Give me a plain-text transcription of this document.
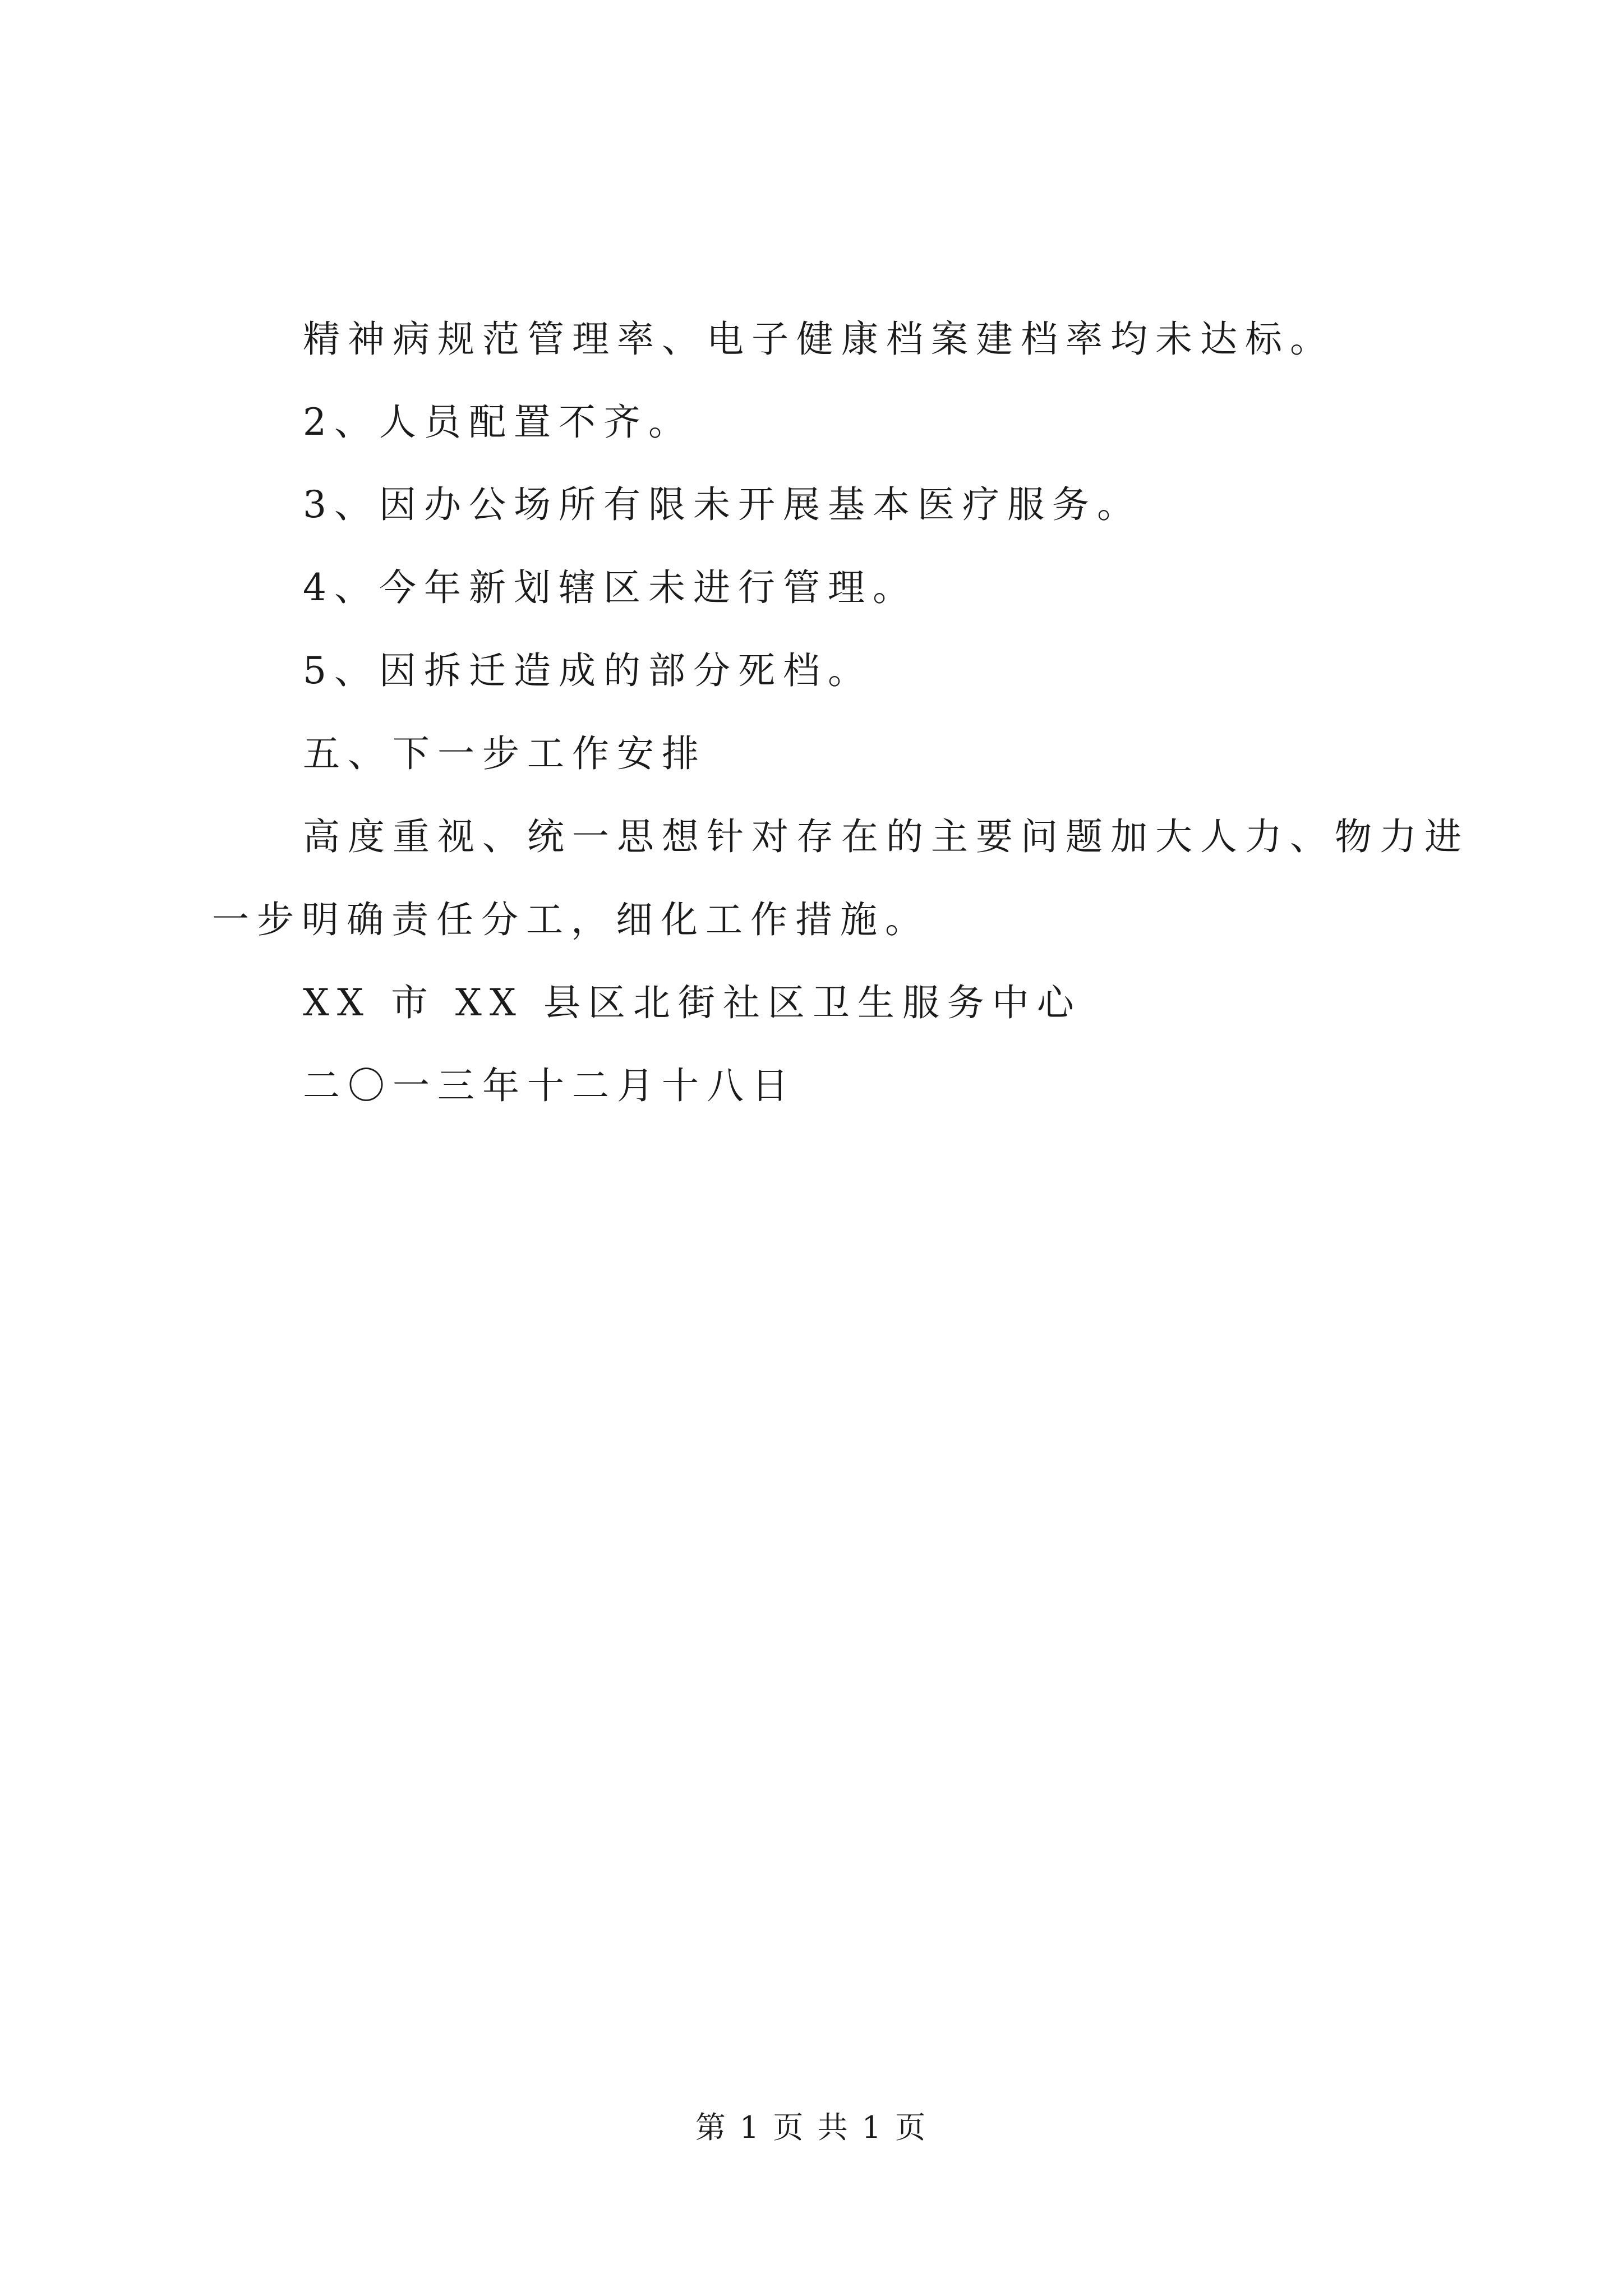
精神病规范管理率、电子健康档案建档率均未达标。
2、人员配置不齐。
3、因办公场所有限未开展基本医疗服务。
4、今年新划辖区未进行管理。
5、因拆迁造成的部分死档。
五、下一步工作安排
高度重视、统一思想针对存在的主要问题加大人力、物力进
一步明确责任分工，细化工作措施。
XX 市 XX 县区北街社区卫生服务中心
二〇一三年十二月十八日
第 1 页 共 1 页
